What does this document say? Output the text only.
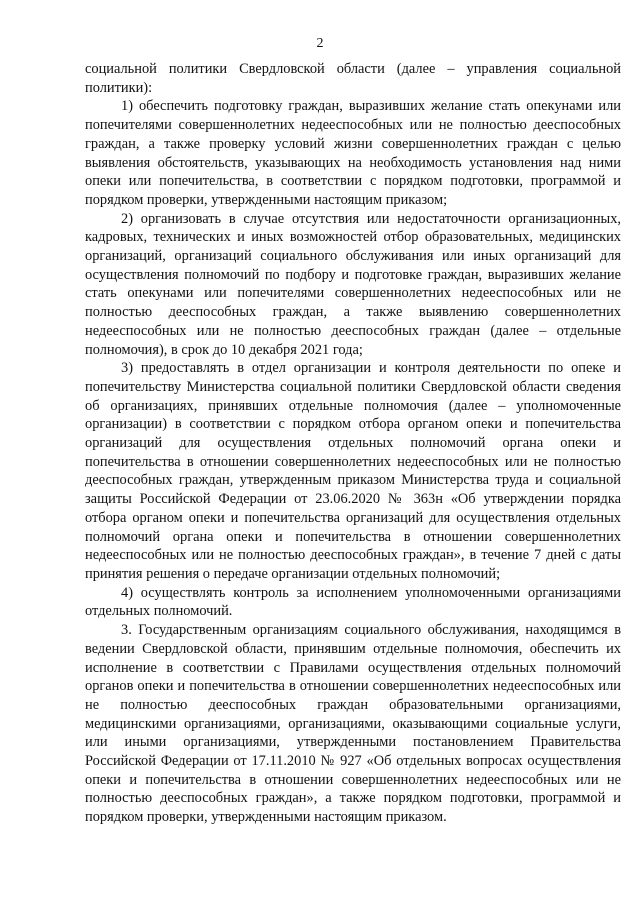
2

социальной политики Свердловской области (далее – управления социальной политики):

1) обеспечить подготовку граждан, выразивших желание стать опекунами или попечителями совершеннолетних недееспособных или не полностью дееспособных граждан, а также проверку условий жизни совершеннолетних граждан с целью выявления обстоятельств, указывающих на необходимость установления над ними опеки или попечительства, в соответствии с порядком подготовки, программой и порядком проверки, утвержденными настоящим приказом;

2) организовать в случае отсутствия или недостаточности организационных, кадровых, технических и иных возможностей отбор образовательных, медицинских организаций, организаций социального обслуживания или иных организаций для осуществления полномочий по подбору и подготовке граждан, выразивших желание стать опекунами или попечителями совершеннолетних недееспособных или не полностью дееспособных граждан, а также выявлению совершеннолетних недееспособных или не полностью дееспособных граждан (далее – отдельные полномочия), в срок до 10 декабря 2021 года;

3) предоставлять в отдел организации и контроля деятельности по опеке и попечительству Министерства социальной политики Свердловской области сведения об организациях, принявших отдельные полномочия (далее – уполномоченные организации) в соответствии с порядком отбора органом опеки и попечительства организаций для осуществления отдельных полномочий органа опеки и попечительства в отношении совершеннолетних недееспособных или не полностью дееспособных граждан, утвержденным приказом Министерства труда и социальной защиты Российской Федерации от 23.06.2020 № 363н «Об утверждении порядка отбора органом опеки и попечительства организаций для осуществления отдельных полномочий органа опеки и попечительства в отношении совершеннолетних недееспособных или не полностью дееспособных граждан», в течение 7 дней с даты принятия решения о передаче организации отдельных полномочий;

4) осуществлять контроль за исполнением уполномоченными организациями отдельных полномочий.

3. Государственным организациям социального обслуживания, находящимся в ведении Свердловской области, принявшим отдельные полномочия, обеспечить их исполнение в соответствии с Правилами осуществления отдельных полномочий органов опеки и попечительства в отношении совершеннолетних недееспособных или не полностью дееспособных граждан образовательными организациями, медицинскими организациями, организациями, оказывающими социальные услуги, или иными организациями, утвержденными постановлением Правительства Российской Федерации от 17.11.2010 № 927 «Об отдельных вопросах осуществления опеки и попечительства в отношении совершеннолетних недееспособных или не полностью дееспособных граждан», а также порядком подготовки, программой и порядком проверки, утвержденными настоящим приказом.
